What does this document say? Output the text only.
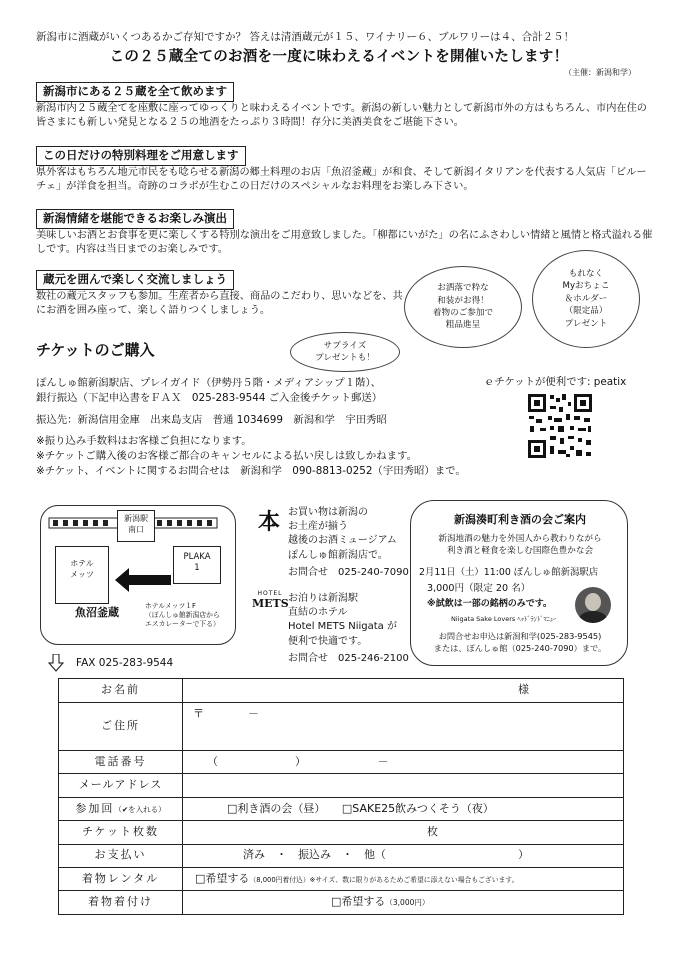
新潟市に酒蔵がいくつあるかご存知ですか？ 答えは清酒蔵元が１５、ワイナリー６、ブルワリーは４、合計２５！
この２５蔵全てのお酒を一度に味わえるイベントを開催いたします！
（主催：新潟和学）
新潟市にある２５蔵を全て飲めます
新潟市内２５蔵全てを座敷に座ってゆっくりと味わえるイベントです。新潟の新しい魅力として新潟市外の方はもちろん、市内在住の皆さまにも新しい発見となる２５の地酒をたっぷり３時間！存分に美酒美食をご堪能下さい。
この日だけの特別料理をご用意します
県外客はもちろん地元市民をも唸らせる新潟の郷土料理のお店「魚沼釜蔵」が和食、そして新潟イタリアンを代表する人気店「ビルーチェ」が洋食を担当。奇跡のコラボが生むこの日だけのスペシャルなお料理をお楽しみ下さい。
新潟情緒を堪能できるお楽しみ演出
美味しいお酒とお食事を更に楽しくする特別な演出をご用意致しました。「柳都にいがた」の名にふさわしい情緒と風情と格式溢れる催しです。内容は当日までのお楽しみです。
蔵元を囲んで楽しく交流しましょう
数社の蔵元スタッフも参加。生産者から直接、商品のこだわり、思いなどを、共にお酒を囲み座って、楽しく語りつくしましょう。
お洒落で粋な
和装がお得！
着物のご参加で
粗品進呈
もれなく
Myおちょこ
＆ホルダー
（限定品）
プレゼント
サプライズ
プレゼントも！
チケットのご購入
ぽんしゅ館新潟駅店、プレイガイド（伊勢丹５階・メディアシップ１階）、
銀行振込（下記申込書をＦＡＸ　025-283-9544 ご入金後チケット郵送）
ｅチケットが便利です: peatix
振込先：新潟信用金庫　出来島支店　普通 1034699　新潟和学　宇田秀昭
※振り込み手数料はお客様ご負担になります。
※チケットご購入後のお客様ご都合のキャンセルによる払い戻しは致しかねます。
※チケット、イベントに関するお問合せは　新潟和学　090-8813-0252（宇田秀昭）まで。
新潟駅
南口
ホテル
メッツ
PLAKA
1
魚沼釜蔵	ホテルメッツ１F
（ぽんしゅ館新潟店から
エスカレーターで下る）
本 お買い物は新潟の
お土産が揃う
越後のお酒ミュージアム
ぽんしゅ館新潟店で。
お問合せ　025-240-7090
HOTEL
METS お泊りは新潟駅
直結のホテル
Hotel METS Niigata が
便利で快適です。
お問合せ　025-246-2100
新潟湊町利き酒の会ご案内
新潟地酒の魅力を外国人から教わりながら
利き酒と軽食を楽しむ国際色豊かな会
2月11日（土）11:00 ぽんしゅ館新潟駅店
3,000円（限定 20 名）
※試飲は一部の銘柄のみです。
Niigata Sake Lovers ﾍｯﾄﾞﾗﾝﾄﾞﾏﾆｭｰ
お問合せお申込は新潟和学(025-283-9545)
または、ぽんしゅ館（025-240-7090）まで。
FAX 025-283-9544
お名前	様

ご住所	〒　　　　－
電話番号	（　　　　　　　）　　　　　　　－
メールアドレス	
参加回（✔を入れる）	□利き酒の会（昼）　　□SAKE25飲みつくそう（夜）
チケット枚数	枚

お支払い	済み　・　振込み　・　他（　　　　　　　　　　　　）
着物レンタル	□希望する（8,000円着付込）※サイズ、数に限りがあるためご希望に添えない場合もございます。
着物着付け	□希望する（3,000円）
